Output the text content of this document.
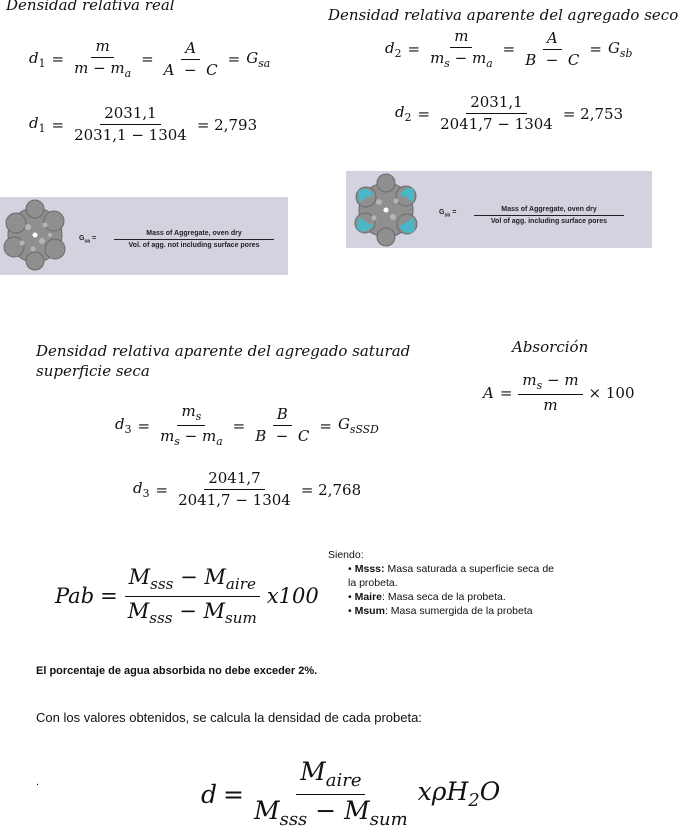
Densidad relativa real
$d_1 = \frac{m}{m - m_a} = \frac{A}{A - C} = G_{sa}$
$d_1 = \frac{2031,1}{2031,1 - 1304} = 2,793$
$G_{sa}$ =
Mass of Aggregate, oven dry
Vol. of agg. not including surface pores
Densidad relativa aparente del agregado seco
$d_2 = \frac{m}{m_s - m_a} = \frac{A}{B - C} = G_{sb}$
$d_2 = \frac{2031,1}{2041,7 - 1304} = 2,753$
$G_{sb}$ =	Mass of Aggregate, oven dry
Vol of agg. including surface pores
Densidad relativa aparente del agregado saturad
superficie seca
$d_3 = \frac{m_s}{m_s - m_a} = \frac{B}{B - C} = G_{sSSD}$
$d_3 = \frac{2041,7}{2041,7 - 1304} = 2,768$
Absorción
$A = \frac{m_s - m}{m} \times 100$
Pab = $\frac{M_{sss} - M_{aire}}{M_{sss} - M_{sum}} x100$
Siendo:
• Msss: Masa saturada a superficie seca de la probeta.
• Maire: Masa seca de la probeta.
• Msum: Masa sumergida de la probeta
El porcentaje de agua absorbida no debe exceder 2%.
Con los valores obtenidos, se calcula la densidad de cada probeta:
.	$d = \frac{M_{aire}}{M_{sss} - M_{sum}} x\rho H_2O$
